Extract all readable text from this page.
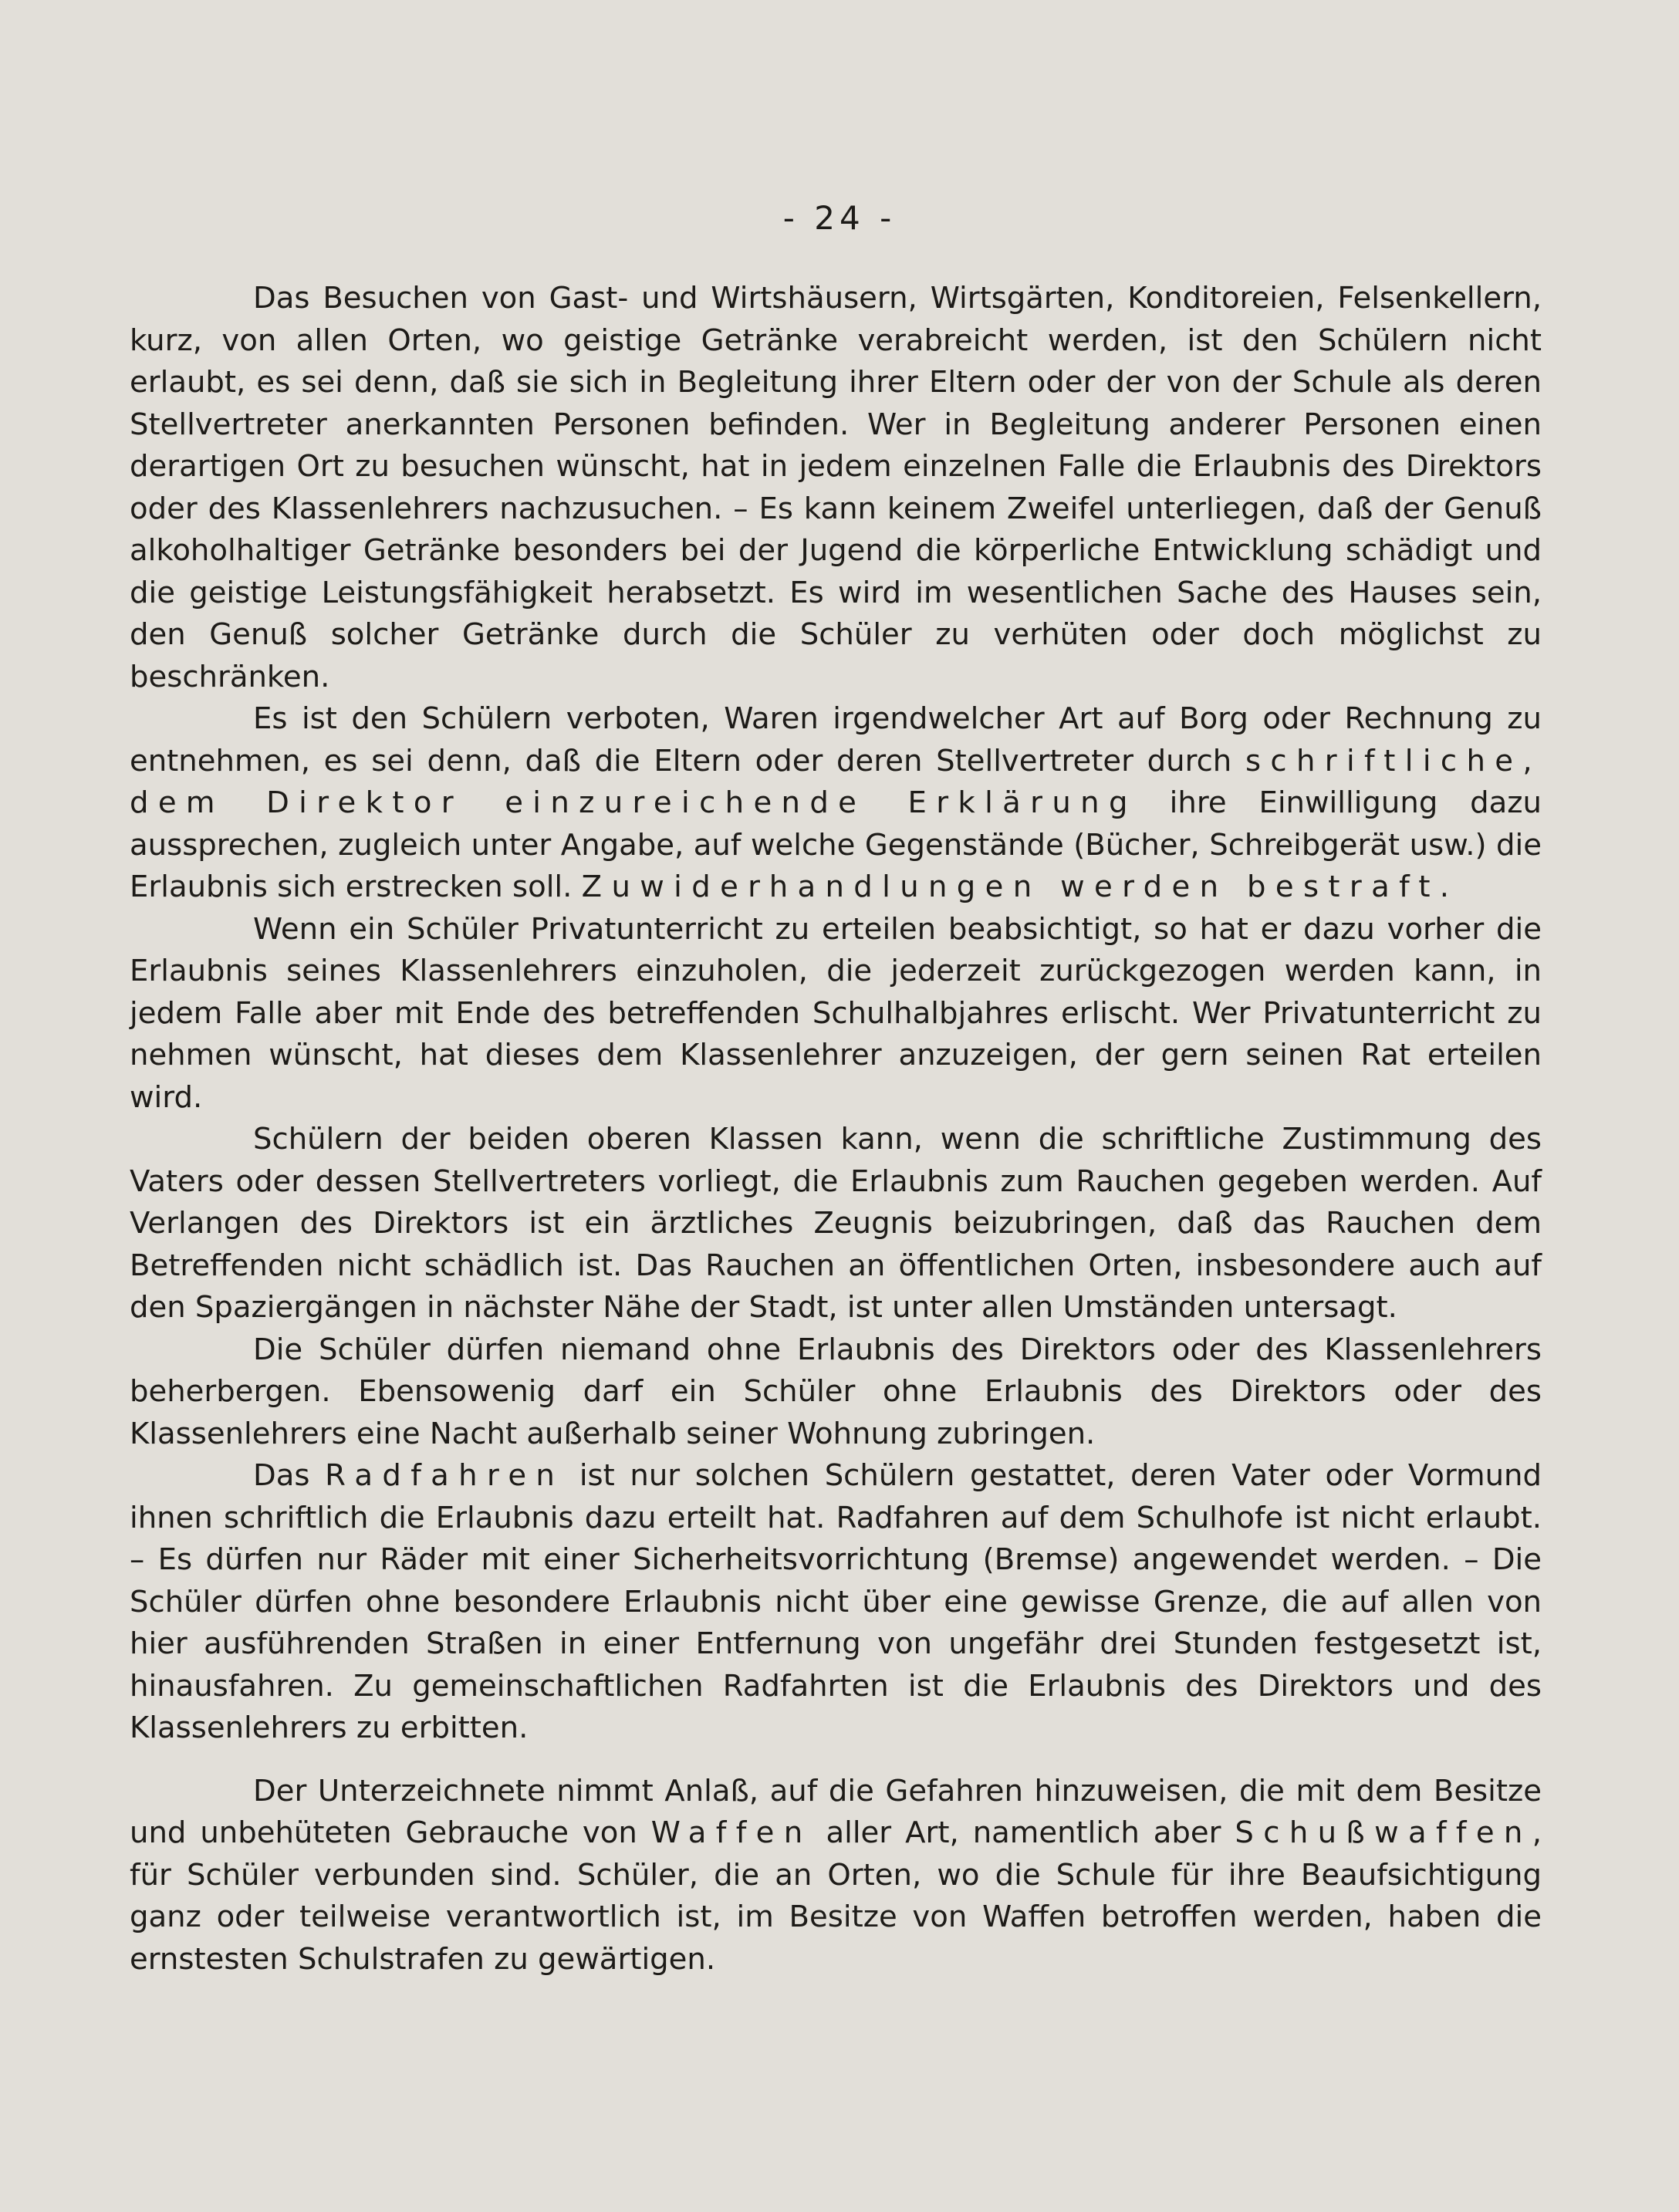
- 24 -

Das Besuchen von Gast- und Wirtshäusern, Wirtsgärten, Konditoreien, Felsenkellern, kurz, von allen Orten, wo geistige Getränke verabreicht werden, ist den Schülern nicht erlaubt, es sei denn, daß sie sich in Begleitung ihrer Eltern oder der von der Schule als deren Stellvertreter anerkannten Personen befinden. Wer in Begleitung anderer Personen einen derartigen Ort zu besuchen wünscht, hat in jedem einzelnen Falle die Erlaubnis des Direktors oder des Klassenlehrers nachzusuchen. – Es kann keinem Zweifel unterliegen, daß der Genuß alkoholhaltiger Getränke besonders bei der Jugend die körperliche Entwicklung schädigt und die geistige Leistungsfähigkeit herabsetzt. Es wird im wesentlichen Sache des Hauses sein, den Genuß solcher Getränke durch die Schüler zu verhüten oder doch möglichst zu beschränken.

Es ist den Schülern verboten, Waren irgendwelcher Art auf Borg oder Rechnung zu entnehmen, es sei denn, daß die Eltern oder deren Stellvertreter durch schriftliche, dem Direktor einzureichende Erklärung ihre Einwilligung dazu aussprechen, zugleich unter Angabe, auf welche Gegenstände (Bücher, Schreibgerät usw.) die Erlaubnis sich erstrecken soll. Zuwiderhandlungen werden bestraft.

Wenn ein Schüler Privatunterricht zu erteilen beabsichtigt, so hat er dazu vorher die Erlaubnis seines Klassenlehrers einzuholen, die jederzeit zurückgezogen werden kann, in jedem Falle aber mit Ende des betreffenden Schulhalbjahres erlischt. Wer Privatunterricht zu nehmen wünscht, hat dieses dem Klassenlehrer anzuzeigen, der gern seinen Rat erteilen wird.

Schülern der beiden oberen Klassen kann, wenn die schriftliche Zustimmung des Vaters oder dessen Stellvertreters vorliegt, die Erlaubnis zum Rauchen gegeben werden. Auf Verlangen des Direktors ist ein ärztliches Zeugnis beizubringen, daß das Rauchen dem Betreffenden nicht schädlich ist. Das Rauchen an öffentlichen Orten, insbesondere auch auf den Spaziergängen in nächster Nähe der Stadt, ist unter allen Umständen untersagt.

Die Schüler dürfen niemand ohne Erlaubnis des Direktors oder des Klassenlehrers beherbergen. Ebensowenig darf ein Schüler ohne Erlaubnis des Direktors oder des Klassenlehrers eine Nacht außerhalb seiner Wohnung zubringen.

Das Radfahren ist nur solchen Schülern gestattet, deren Vater oder Vormund ihnen schriftlich die Erlaubnis dazu erteilt hat. Radfahren auf dem Schulhofe ist nicht erlaubt. – Es dürfen nur Räder mit einer Sicherheitsvorrichtung (Bremse) angewendet werden. – Die Schüler dürfen ohne besondere Erlaubnis nicht über eine gewisse Grenze, die auf allen von hier ausführenden Straßen in einer Entfernung von ungefähr drei Stunden festgesetzt ist, hinausfahren. Zu gemeinschaftlichen Radfahrten ist die Erlaubnis des Direktors und des Klassenlehrers zu erbitten.

Der Unterzeichnete nimmt Anlaß, auf die Gefahren hinzuweisen, die mit dem Besitze und unbehüteten Gebrauche von Waffen aller Art, namentlich aber Schußwaffen, für Schüler verbunden sind. Schüler, die an Orten, wo die Schule für ihre Beaufsichtigung ganz oder teilweise verantwortlich ist, im Besitze von Waffen betroffen werden, haben die ernstesten Schulstrafen zu gewärtigen.
